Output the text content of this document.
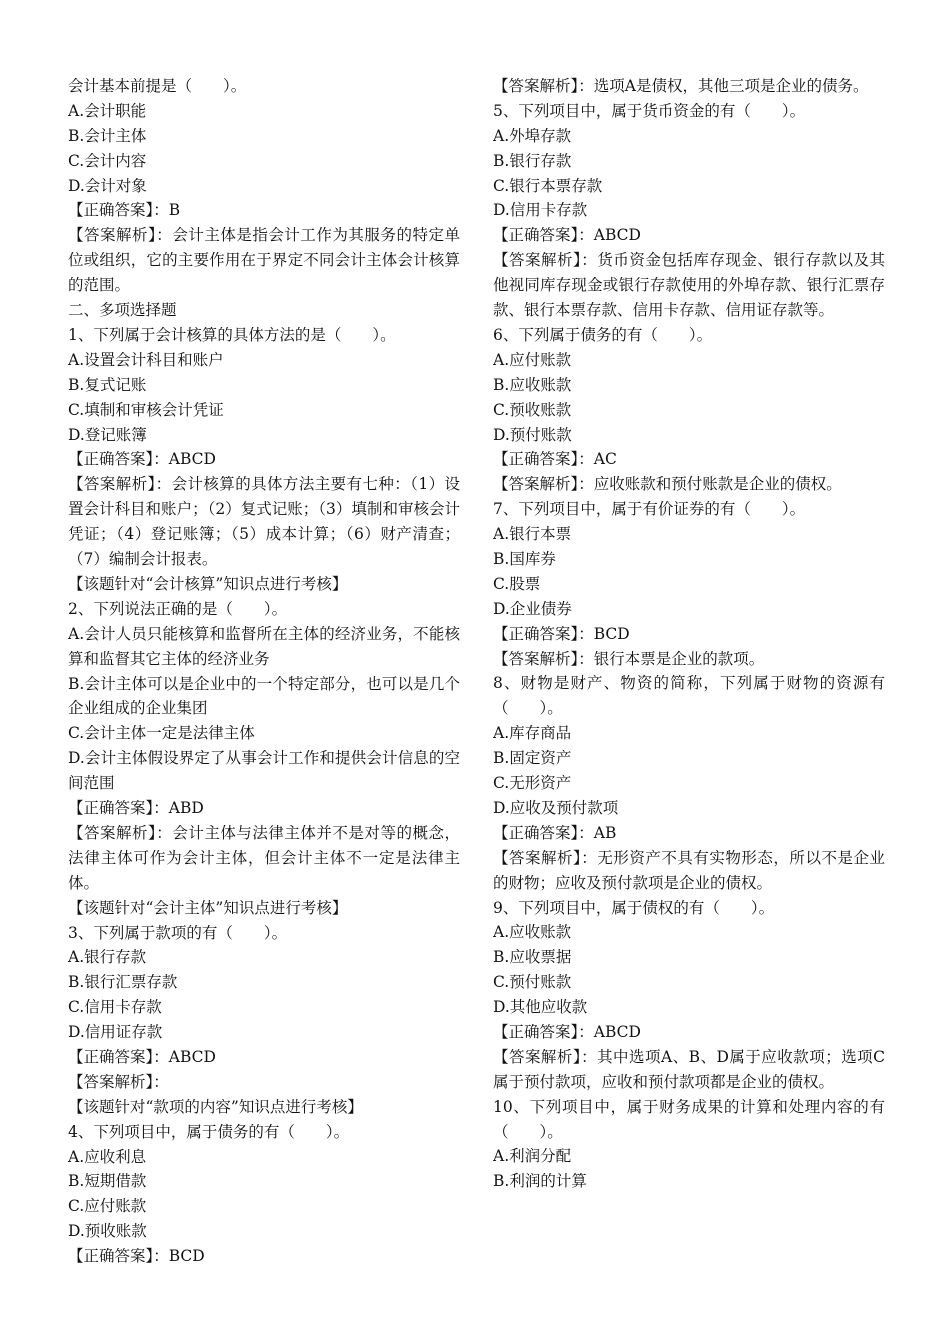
会计基本前提是（　　）。
A.会计职能
B.会计主体
C.会计内容
D.会计对象
【正确答案】：B
【答案解析】：会计主体是指会计工作为其服务的特定单位或组织，它的主要作用在于界定不同会计主体会计核算的范围。
二、多项选择题
1、下列属于会计核算的具体方法的是（　　）。
A.设置会计科目和账户
B.复式记账
C.填制和审核会计凭证
D.登记账簿
【正确答案】：ABCD
【答案解析】：会计核算的具体方法主要有七种：（1）设置会计科目和账户；（2）复式记账；（3）填制和审核会计凭证；（4）登记账簿；（5）成本计算；（6）财产清查；（7）编制会计报表。
【该题针对“会计核算”知识点进行考核】
2、下列说法正确的是（　　）。
A.会计人员只能核算和监督所在主体的经济业务，不能核算和监督其它主体的经济业务
B.会计主体可以是企业中的一个特定部分，也可以是几个企业组成的企业集团
C.会计主体一定是法律主体
D.会计主体假设界定了从事会计工作和提供会计信息的空间范围
【正确答案】：ABD
【答案解析】：会计主体与法律主体并不是对等的概念，法律主体可作为会计主体，但会计主体不一定是法律主体。
【该题针对“会计主体”知识点进行考核】
3、下列属于款项的有（　　）。
A.银行存款
B.银行汇票存款
C.信用卡存款
D.信用证存款
【正确答案】：ABCD
【答案解析】：
【该题针对“款项的内容”知识点进行考核】
4、下列项目中，属于债务的有（　　）。
A.应收利息
B.短期借款
C.应付账款
D.预收账款
【正确答案】：BCD
【答案解析】：选项A是债权，其他三项是企业的债务。
5、下列项目中，属于货币资金的有（　　）。
A.外埠存款
B.银行存款
C.银行本票存款
D.信用卡存款
【正确答案】：ABCD
【答案解析】：货币资金包括库存现金、银行存款以及其他视同库存现金或银行存款使用的外埠存款、银行汇票存款、银行本票存款、信用卡存款、信用证存款等。
6、下列属于债务的有（　　）。
A.应付账款
B.应收账款
C.预收账款
D.预付账款
【正确答案】：AC
【答案解析】：应收账款和预付账款是企业的债权。
7、下列项目中，属于有价证券的有（　　）。
A.银行本票
B.国库券
C.股票
D.企业债券
【正确答案】：BCD
【答案解析】：银行本票是企业的款项。
8、财物是财产、物资的简称，下列属于财物的资源有（　　）。
A.库存商品
B.固定资产
C.无形资产
D.应收及预付款项
【正确答案】：AB
【答案解析】：无形资产不具有实物形态，所以不是企业的财物；应收及预付款项是企业的债权。
9、下列项目中，属于债权的有（　　）。
A.应收账款
B.应收票据
C.预付账款
D.其他应收款
【正确答案】：ABCD
【答案解析】：其中选项A、B、D属于应收款项；选项C属于预付款项，应收和预付款项都是企业的债权。
10、下列项目中，属于财务成果的计算和处理内容的有（　　）。
A.利润分配
B.利润的计算
